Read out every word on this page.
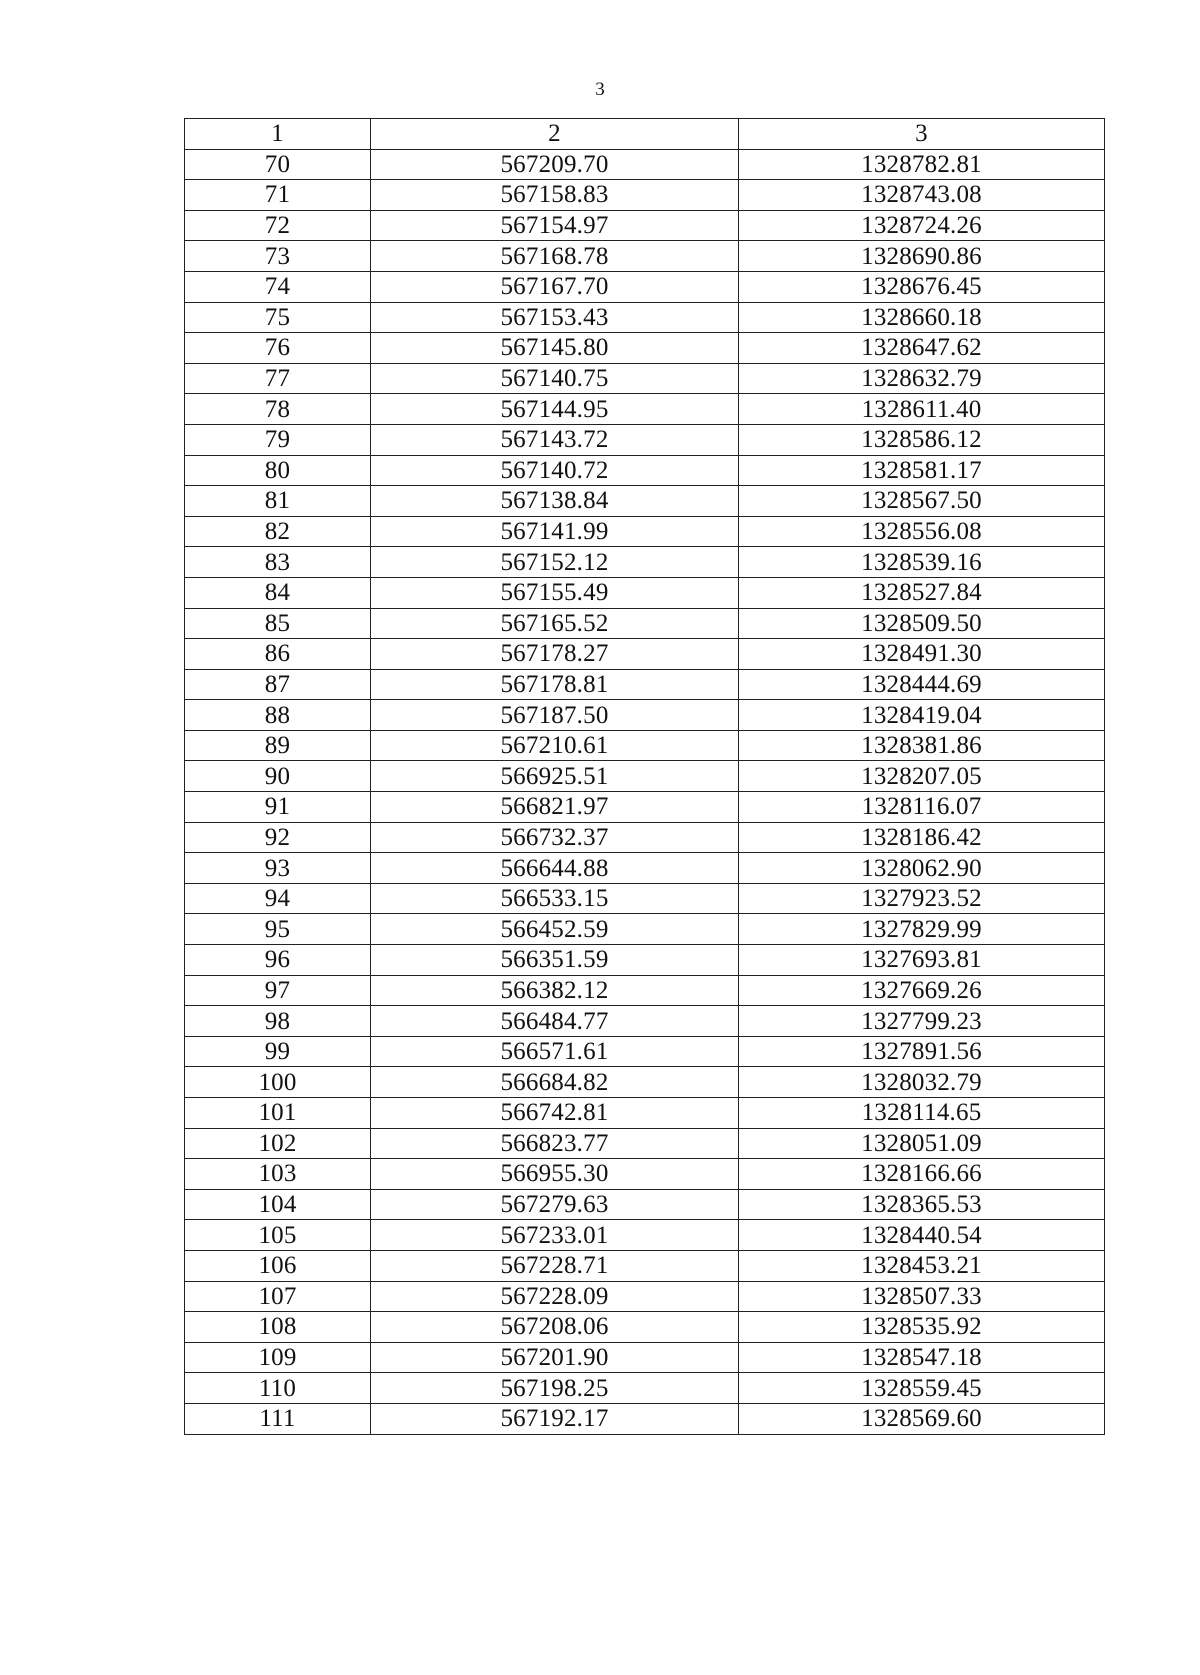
3
1	2	3
70	567209.70	1328782.81
71	567158.83	1328743.08
72	567154.97	1328724.26
73	567168.78	1328690.86
74	567167.70	1328676.45
75	567153.43	1328660.18
76	567145.80	1328647.62
77	567140.75	1328632.79
78	567144.95	1328611.40
79	567143.72	1328586.12
80	567140.72	1328581.17
81	567138.84	1328567.50
82	567141.99	1328556.08
83	567152.12	1328539.16
84	567155.49	1328527.84
85	567165.52	1328509.50
86	567178.27	1328491.30
87	567178.81	1328444.69
88	567187.50	1328419.04
89	567210.61	1328381.86
90	566925.51	1328207.05
91	566821.97	1328116.07
92	566732.37	1328186.42
93	566644.88	1328062.90
94	566533.15	1327923.52
95	566452.59	1327829.99
96	566351.59	1327693.81
97	566382.12	1327669.26
98	566484.77	1327799.23
99	566571.61	1327891.56
100	566684.82	1328032.79
101	566742.81	1328114.65
102	566823.77	1328051.09
103	566955.30	1328166.66
104	567279.63	1328365.53
105	567233.01	1328440.54
106	567228.71	1328453.21
107	567228.09	1328507.33
108	567208.06	1328535.92
109	567201.90	1328547.18
110	567198.25	1328559.45
111	567192.17	1328569.60
